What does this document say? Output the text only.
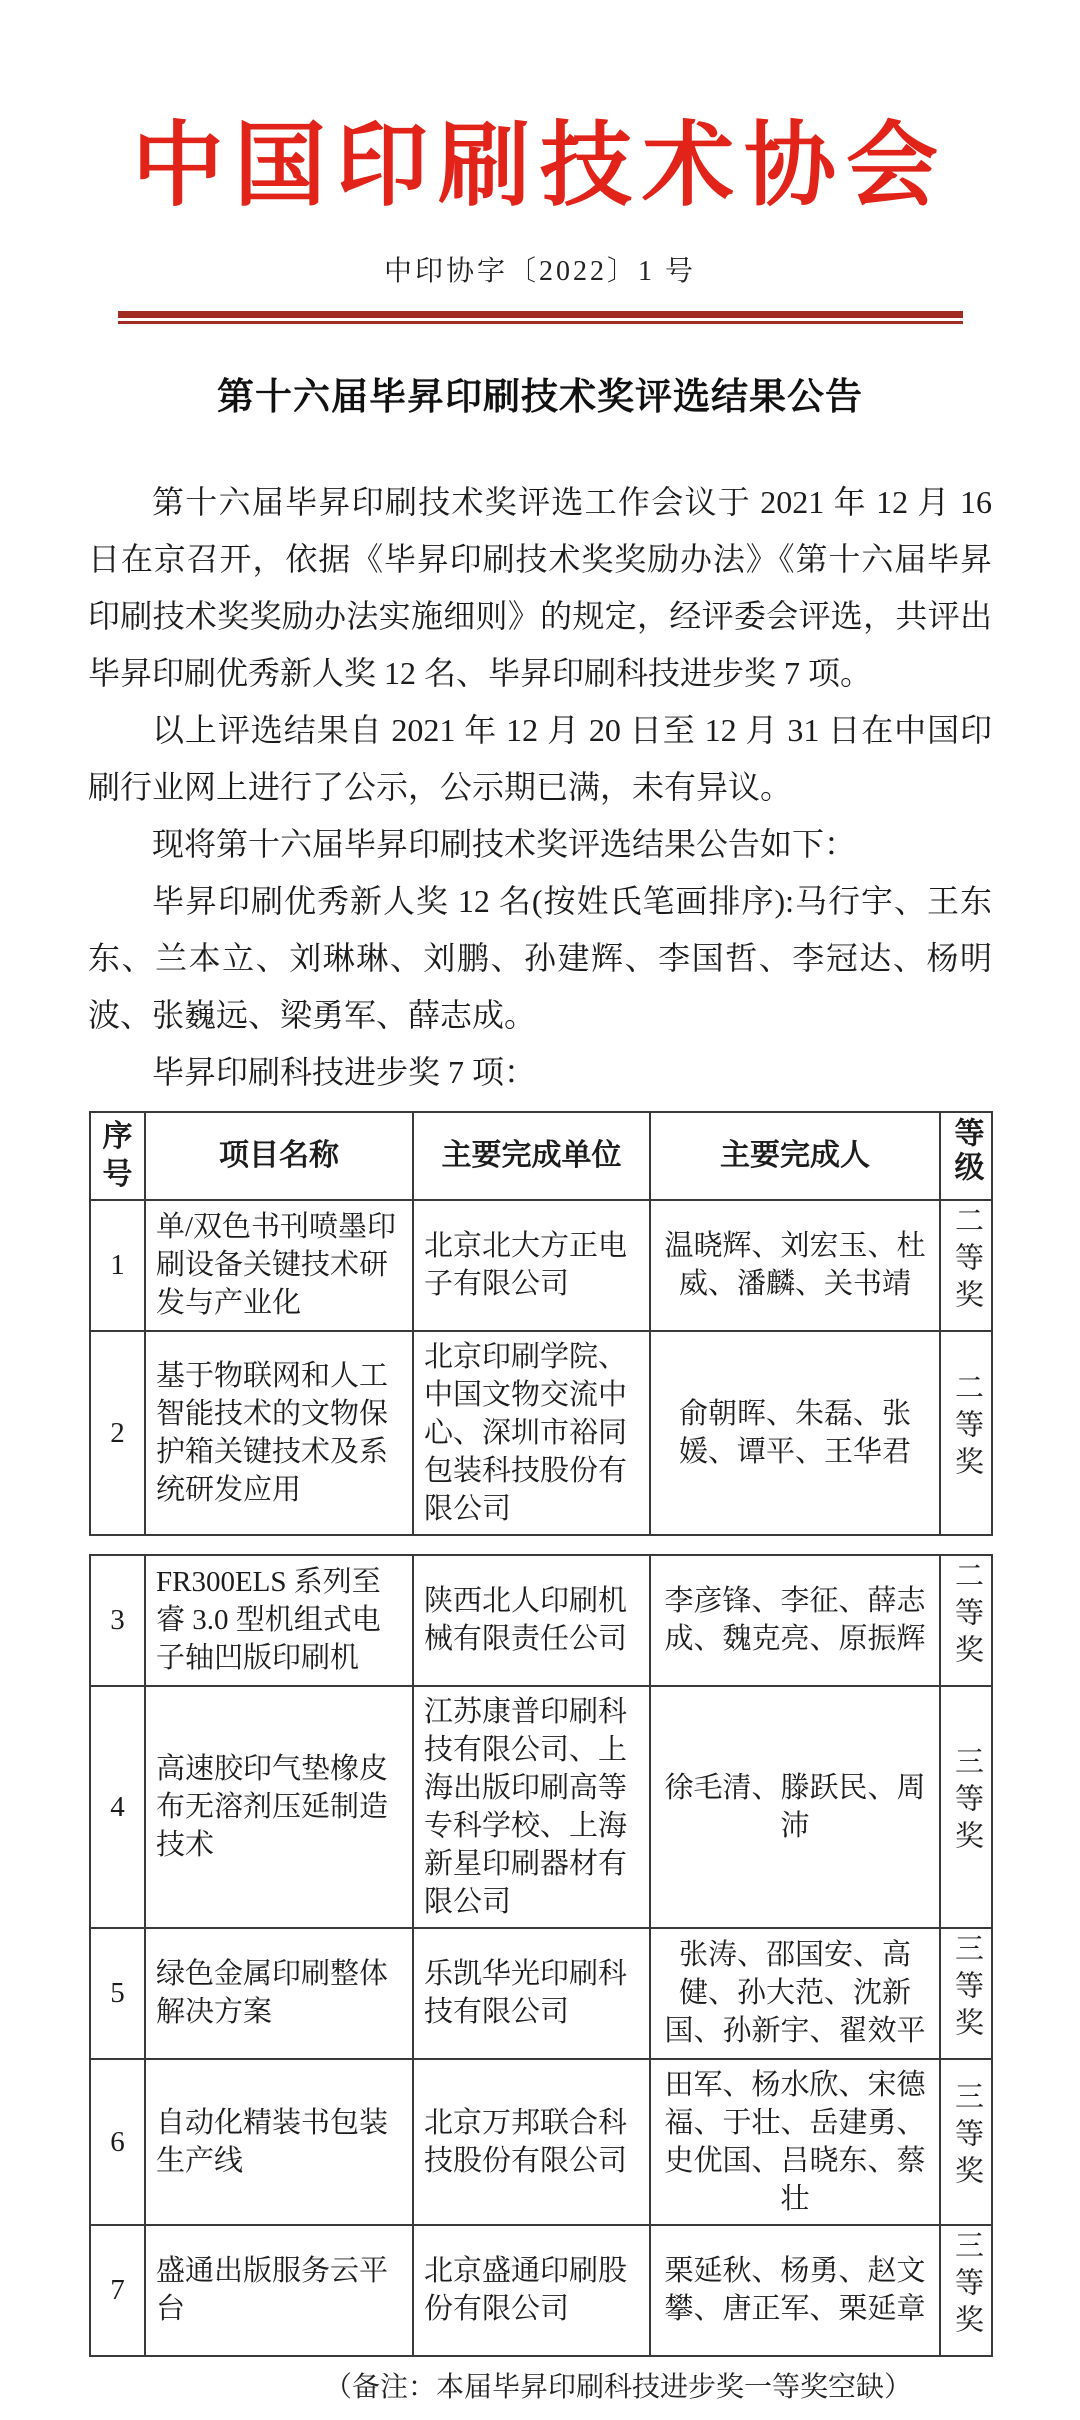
中国印刷技术协会
中印协字〔2022〕1 号
第十六届毕昇印刷技术奖评选结果公告

第十六届毕昇印刷技术奖评选工作会议于 2021 年 12 月 16 日在京召开，依据《毕昇印刷技术奖奖励办法》《第十六届毕昇印刷技术奖奖励办法实施细则》的规定，经评委会评选，共评出毕昇印刷优秀新人奖 12 名、毕昇印刷科技进步奖 7 项。

以上评选结果自 2021 年 12 月 20 日至 12 月 31 日在中国印刷行业网上进行了公示，公示期已满，未有异议。

现将第十六届毕昇印刷技术奖评选结果公告如下：

毕昇印刷优秀新人奖 12 名(按姓氏笔画排序):马行宇、王东东、兰本立、刘琳琳、刘鹏、孙建辉、李国哲、李冠达、杨明波、张巍远、梁勇军、薛志成。

毕昇印刷科技进步奖 7 项：

序号	项目名称	主要完成单位	主要完成人	等级
1	单/双色书刊喷墨印刷设备关键技术研发与产业化	北京北大方正电子有限公司	温晓辉、刘宏玉、杜威、潘麟、关书靖	二等奖
2	基于物联网和人工智能技术的文物保护箱关键技术及系统研发应用	北京印刷学院、中国文物交流中心、深圳市裕同包装科技股份有限公司	俞朝晖、朱磊、张媛、谭平、王华君	二等奖
3	FR300ELS 系列至睿 3.0 型机组式电子轴凹版印刷机	陕西北人印刷机械有限责任公司	李彦锋、李征、薛志成、魏克亮、原振辉	二等奖
4	高速胶印气垫橡皮布无溶剂压延制造技术	江苏康普印刷科技有限公司、上海出版印刷高等专科学校、上海新星印刷器材有限公司	徐毛清、滕跃民、周沛	三等奖
5	绿色金属印刷整体解决方案	乐凯华光印刷科技有限公司	张涛、邵国安、高健、孙大范、沈新国、孙新宇、翟效平	三等奖
6	自动化精装书包装生产线	北京万邦联合科技股份有限公司	田军、杨水欣、宋德福、于壮、岳建勇、史优国、吕晓东、蔡壮	三等奖
7	盛通出版服务云平台	北京盛通印刷股份有限公司	栗延秋、杨勇、赵文攀、唐正军、栗延章	三等奖
（备注：本届毕昇印刷科技进步奖一等奖空缺）
